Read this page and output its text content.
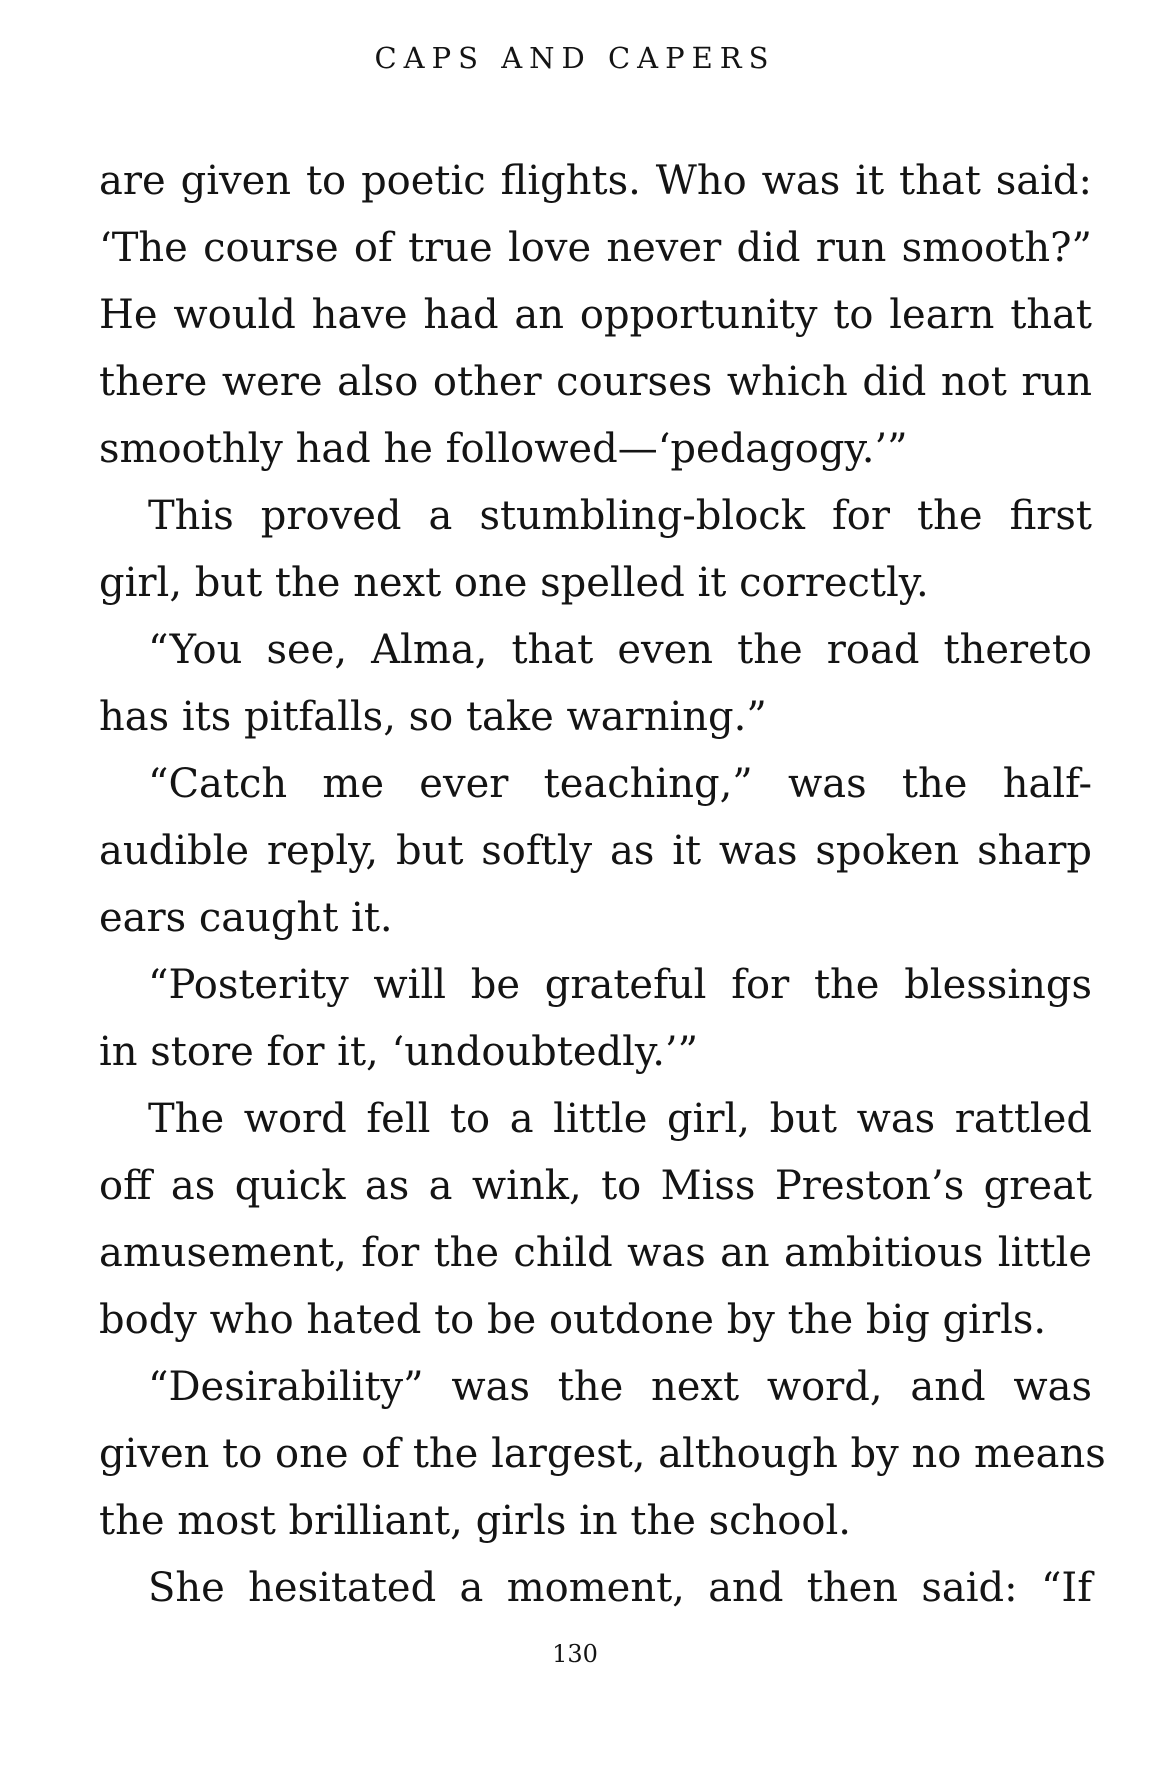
CAPS AND CAPERS
are given to poetic flights. Who was it that said:
‘The course of true love never did run smooth?”
He would have had an opportunity to learn that
there were also other courses which did not run
smoothly had he followed—‘pedagogy.’”
This proved a stumbling-block for the first
girl, but the next one spelled it correctly.
“You see, Alma, that even the road thereto
has its pitfalls, so take warning.”
“Catch me ever teaching,” was the half-
audible reply, but softly as it was spoken sharp
ears caught it.
“Posterity will be grateful for the blessings
in store for it, ‘undoubtedly.’”
The word fell to a little girl, but was rattled
off as quick as a wink, to Miss Preston’s great
amusement, for the child was an ambitious little
body who hated to be outdone by the big girls.
“Desirability” was the next word, and was
given to one of the largest, although by no means
the most brilliant, girls in the school.
She hesitated a moment, and then said: “If
130
